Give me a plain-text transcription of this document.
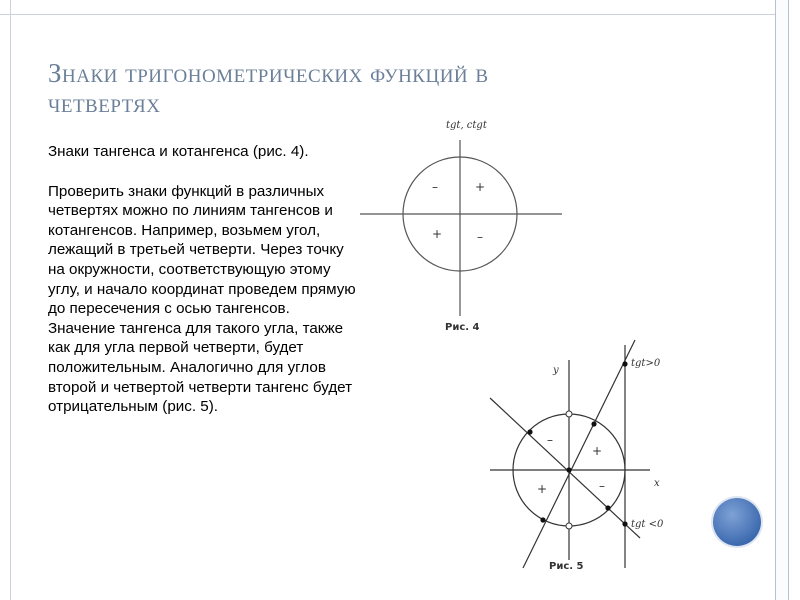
Знаки тригонометрических функций в
четвертях

Знаки тангенса и котангенса (рис. 4).

Проверить знаки функций в различных четвертях можно по линиям тангенсов и котангенсов. Например, возьмем угол, лежащий в третьей четверти. Через точку на окружности, соответствующую этому углу, и начало координат проведем прямую до пересечения с осью тангенсов. Значение тангенса для такого угла, также как для угла первой четверти, будет положительным. Аналогично для углов второй и четвертой четверти тангенс будет отрицательным (рис. 5).

tgt, ctgt
–	+
+	–
Рис. 4
y
x
tgt>0
tgt <0
–
+
+	–
Рис. 5
